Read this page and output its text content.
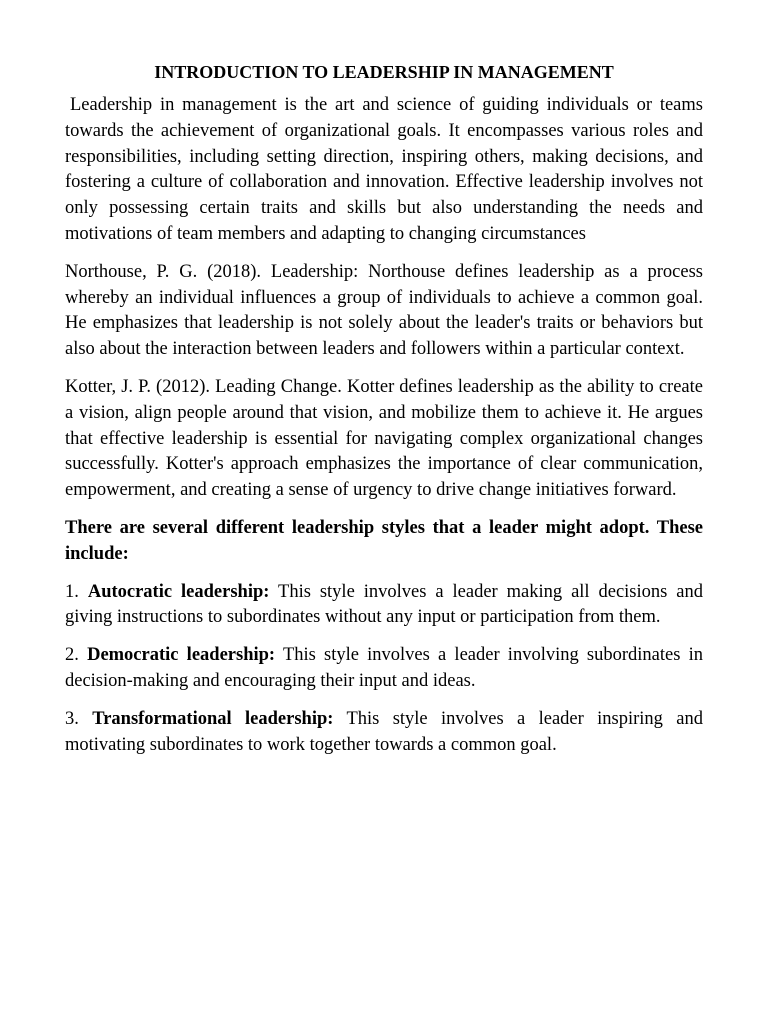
INTRODUCTION TO LEADERSHIP IN MANAGEMENT

Leadership in management is the art and science of guiding individuals or teams towards the achievement of organizational goals. It encompasses various roles and responsibilities, including setting direction, inspiring others, making decisions, and fostering a culture of collaboration and innovation. Effective leadership involves not only possessing certain traits and skills but also understanding the needs and motivations of team members and adapting to changing circumstances

Northouse, P. G. (2018). Leadership: Northouse defines leadership as a process whereby an individual influences a group of individuals to achieve a common goal. He emphasizes that leadership is not solely about the leader's traits or behaviors but also about the interaction between leaders and followers within a particular context.

Kotter, J. P. (2012). Leading Change. Kotter defines leadership as the ability to create a vision, align people around that vision, and mobilize them to achieve it. He argues that effective leadership is essential for navigating complex organizational changes successfully. Kotter's approach emphasizes the importance of clear communication, empowerment, and creating a sense of urgency to drive change initiatives forward.

There are several different leadership styles that a leader might adopt. These include:

1. Autocratic leadership: This style involves a leader making all decisions and giving instructions to subordinates without any input or participation from them.

2. Democratic leadership: This style involves a leader involving subordinates in decision-making and encouraging their input and ideas.

3. Transformational leadership: This style involves a leader inspiring and motivating subordinates to work together towards a common goal.
